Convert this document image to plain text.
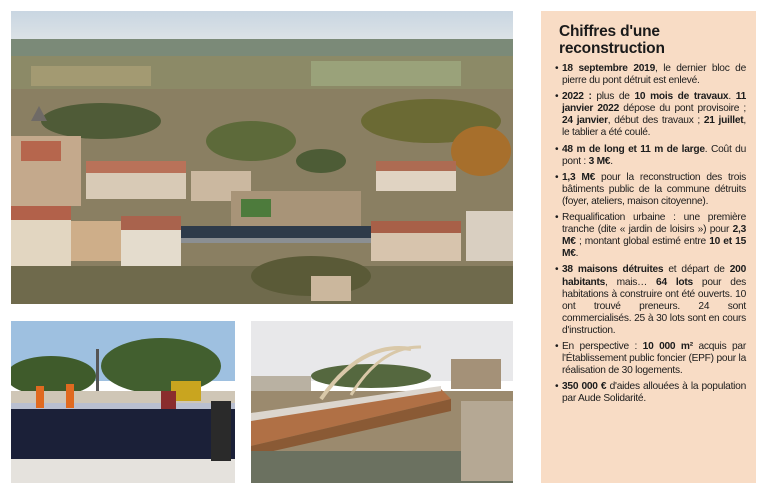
Chiffres d'une reconstruction
• 18 septembre 2019, le dernier bloc de pierre du pont détruit est enlevé.
• 2022 : plus de 10 mois de travaux. 11 janvier 2022 dépose du pont provisoire ; 24 janvier, début des travaux ; 21 juillet, le tablier a été coulé.
• 48 m de long et 11 m de large. Coût du pont : 3 M€.
• 1,3 M€ pour la reconstruction des trois bâtiments public de la commune détruits (foyer, ateliers, maison citoyenne).
• Requalification urbaine : une première tranche (dite « jardin de loisirs ») pour 2,3 M€ ; montant global estimé entre 10 et 15 M€.
• 38 maisons détruites et départ de 200 habitants, mais… 64 lots pour des habitations à construire ont été ouverts. 10 ont trouvé preneurs. 24 sont commercialisés. 25 à 30 lots sont en cours d'instruction.
• En perspective : 10 000 m² acquis par l'Établissement public foncier (EPF) pour la réalisation de 30 logements.
• 350 000 € d'aides allouées à la population par Aude Solidarité.
